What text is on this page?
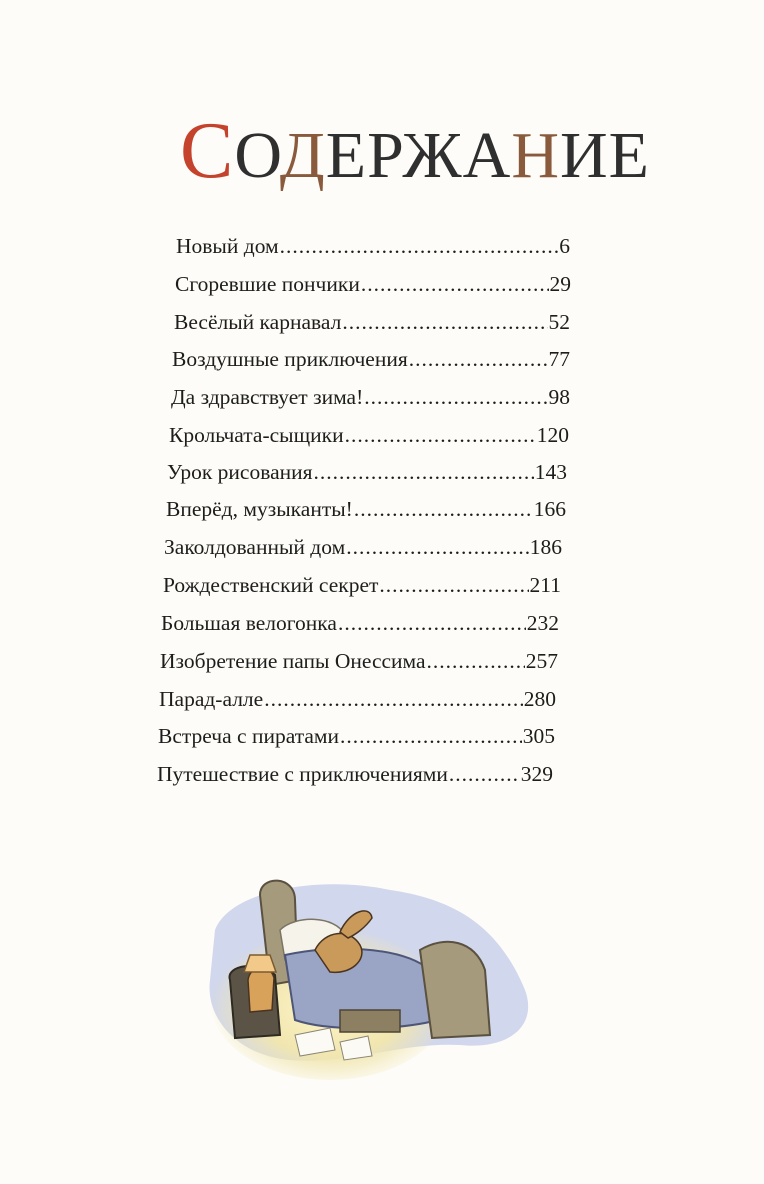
СОДЕРЖАНИЕ
Новый дом .....	6
Сгоревшие пончики .....	29
Весёлый карнавал .....	52
Воздушные приключения .....	77
Да здравствует зима! .....	98
Крольчата-сыщики .....	120
Урок рисования .....	143
Вперёд, музыканты! .....	166
Заколдованный дом .....	186
Рождественский секрет .....	211
Большая велогонка .....	232
Изобретение папы Онессима .....	257
Парад-алле .....	280
Встреча с пиратами .....	305
Путешествие с приключениями .....	329
